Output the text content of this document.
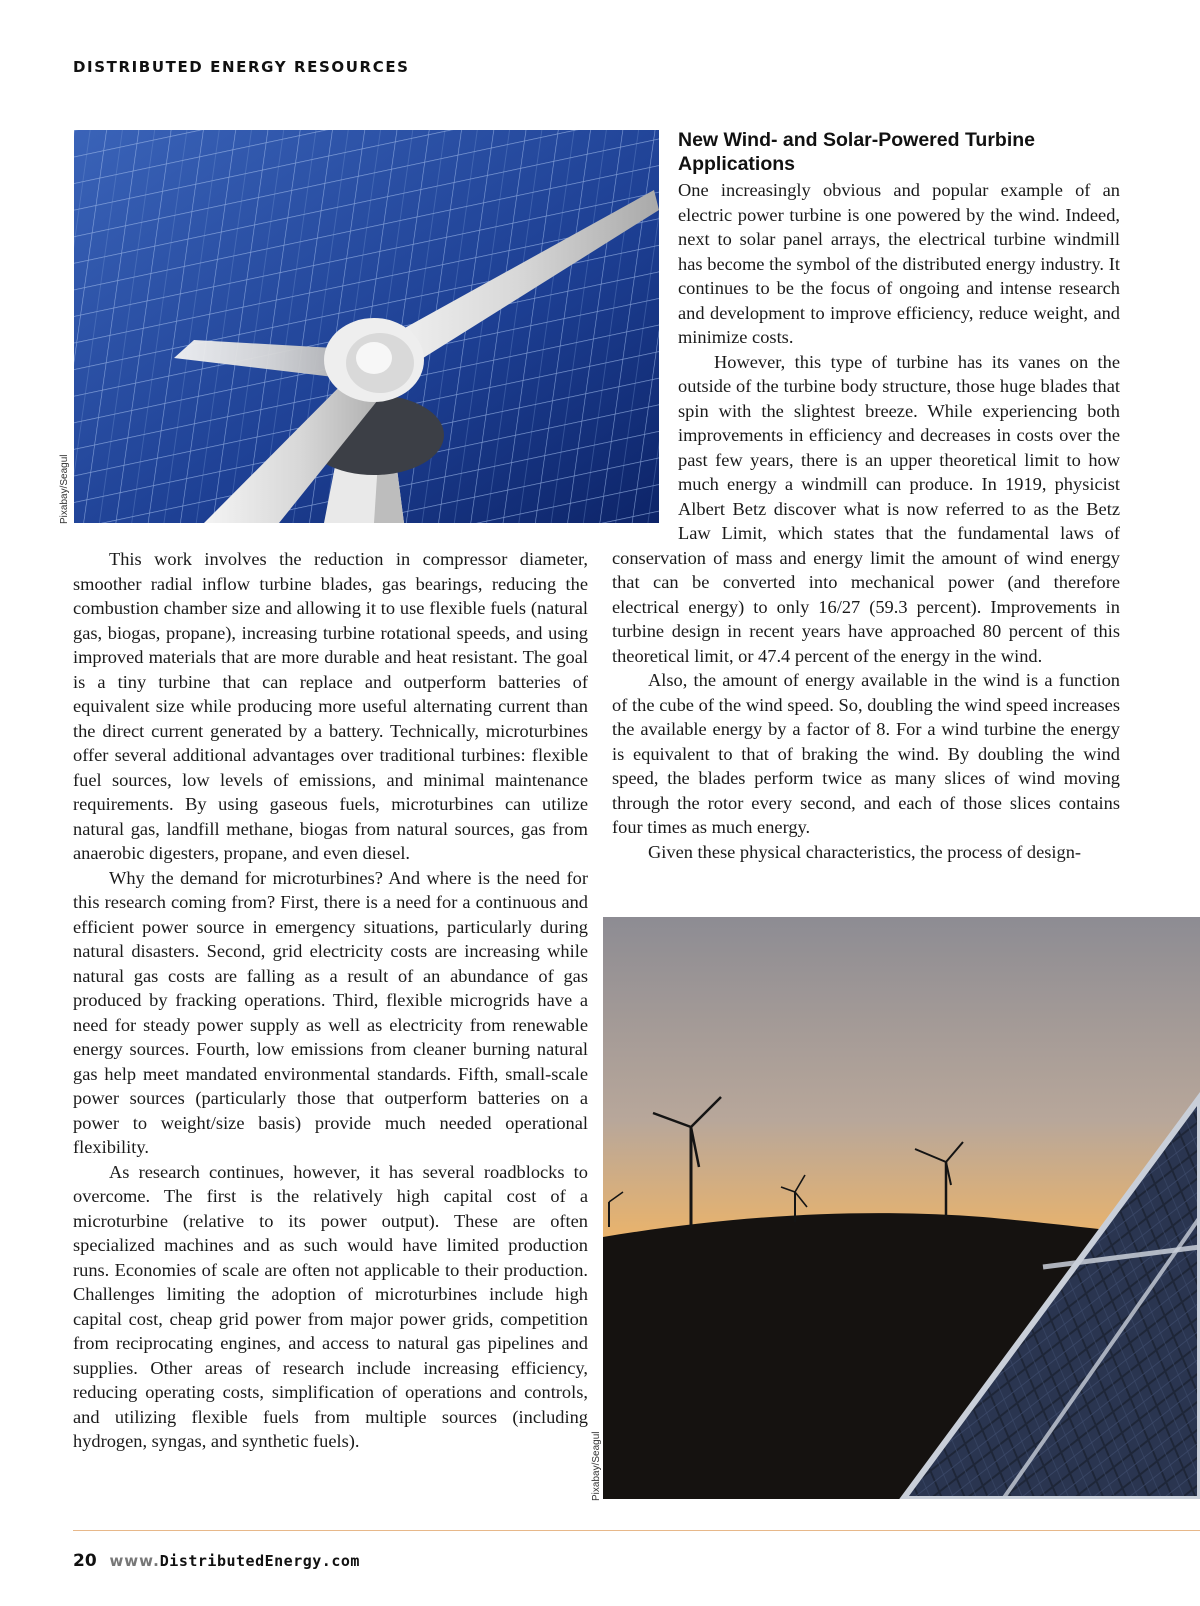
DISTRIBUTED ENERGY RESOURCES
Pixabay/Seagul

This work involves the reduction in compressor diameter, smoother radial inflow turbine blades, gas bearings, reducing the combustion chamber size and allowing it to use flexible fuels (natural gas, biogas, propane), increasing turbine rotational speeds, and using improved materials that are more durable and heat resistant. The goal is a tiny turbine that can replace and outperform batteries of equivalent size while producing more useful alternating current than the direct current generated by a battery. Technically, microturbines offer several additional advantages over traditional turbines: flexible fuel sources, low levels of emissions, and minimal maintenance requirements. By using gaseous fuels, microturbines can utilize natural gas, landfill methane, biogas from natural sources, gas from anaerobic digesters, propane, and even diesel.

Why the demand for microturbines? And where is the need for this research coming from? First, there is a need for a continuous and efficient power source in emergency situations, particularly during natural disasters. Second, grid electricity costs are increasing while natural gas costs are falling as a result of an abundance of gas produced by fracking operations. Third, flexible microgrids have a need for steady power supply as well as electricity from renewable energy sources. Fourth, low emissions from cleaner burning natural gas help meet mandated environmental standards. Fifth, small-scale power sources (particularly those that outperform batteries on a power to weight/size basis) provide much needed operational flexibility.

As research continues, however, it has several roadblocks to overcome. The first is the relatively high capital cost of a microturbine (relative to its power output). These are often specialized machines and as such would have limited production runs. Economies of scale are often not applicable to their production. Challenges limiting the adoption of microturbines include high capital cost, cheap grid power from major power grids, competition from reciprocating engines, and access to natural gas pipelines and supplies. Other areas of research include increasing efficiency, reducing operating costs, simplification of operations and controls, and utilizing flexible fuels from multiple sources (including hydrogen, syngas, and synthetic fuels).

New Wind- and Solar-Powered Turbine Applications

One increasingly obvious and popular example of an electric power turbine is one powered by the wind. Indeed, next to solar panel arrays, the electrical turbine windmill has become the symbol of the distributed energy industry. It continues to be the focus of ongoing and intense research and development to improve efficiency, reduce weight, and minimize costs.

However, this type of turbine has its vanes on the outside of the turbine body structure, those huge blades that spin with the slightest breeze. While experiencing both improvements in efficiency and decreases in costs over the past few years, there is an upper theoretical limit to how much energy a windmill can produce. In 1919, physicist Albert Betz discover what is now referred to as the Betz Law Limit, which states that the fundamental laws of conservation of mass and energy limit the amount of wind energy that can be converted into mechanical power (and therefore electrical energy) to only 16/27 (59.3 percent). Improvements in turbine design in recent years have approached 80 percent of this theoretical limit, or 47.4 percent of the energy in the wind.

Also, the amount of energy available in the wind is a function of the cube of the wind speed. So, doubling the wind speed increases the available energy by a factor of 8. For a wind turbine the energy is equivalent to that of braking the wind. By doubling the wind speed, the blades perform twice as many slices of wind moving through the rotor every second, and each of those slices contains four times as much energy.

Given these physical characteristics, the process of design-

Pixabay/Seagul
20 www.DistributedEnergy.com
